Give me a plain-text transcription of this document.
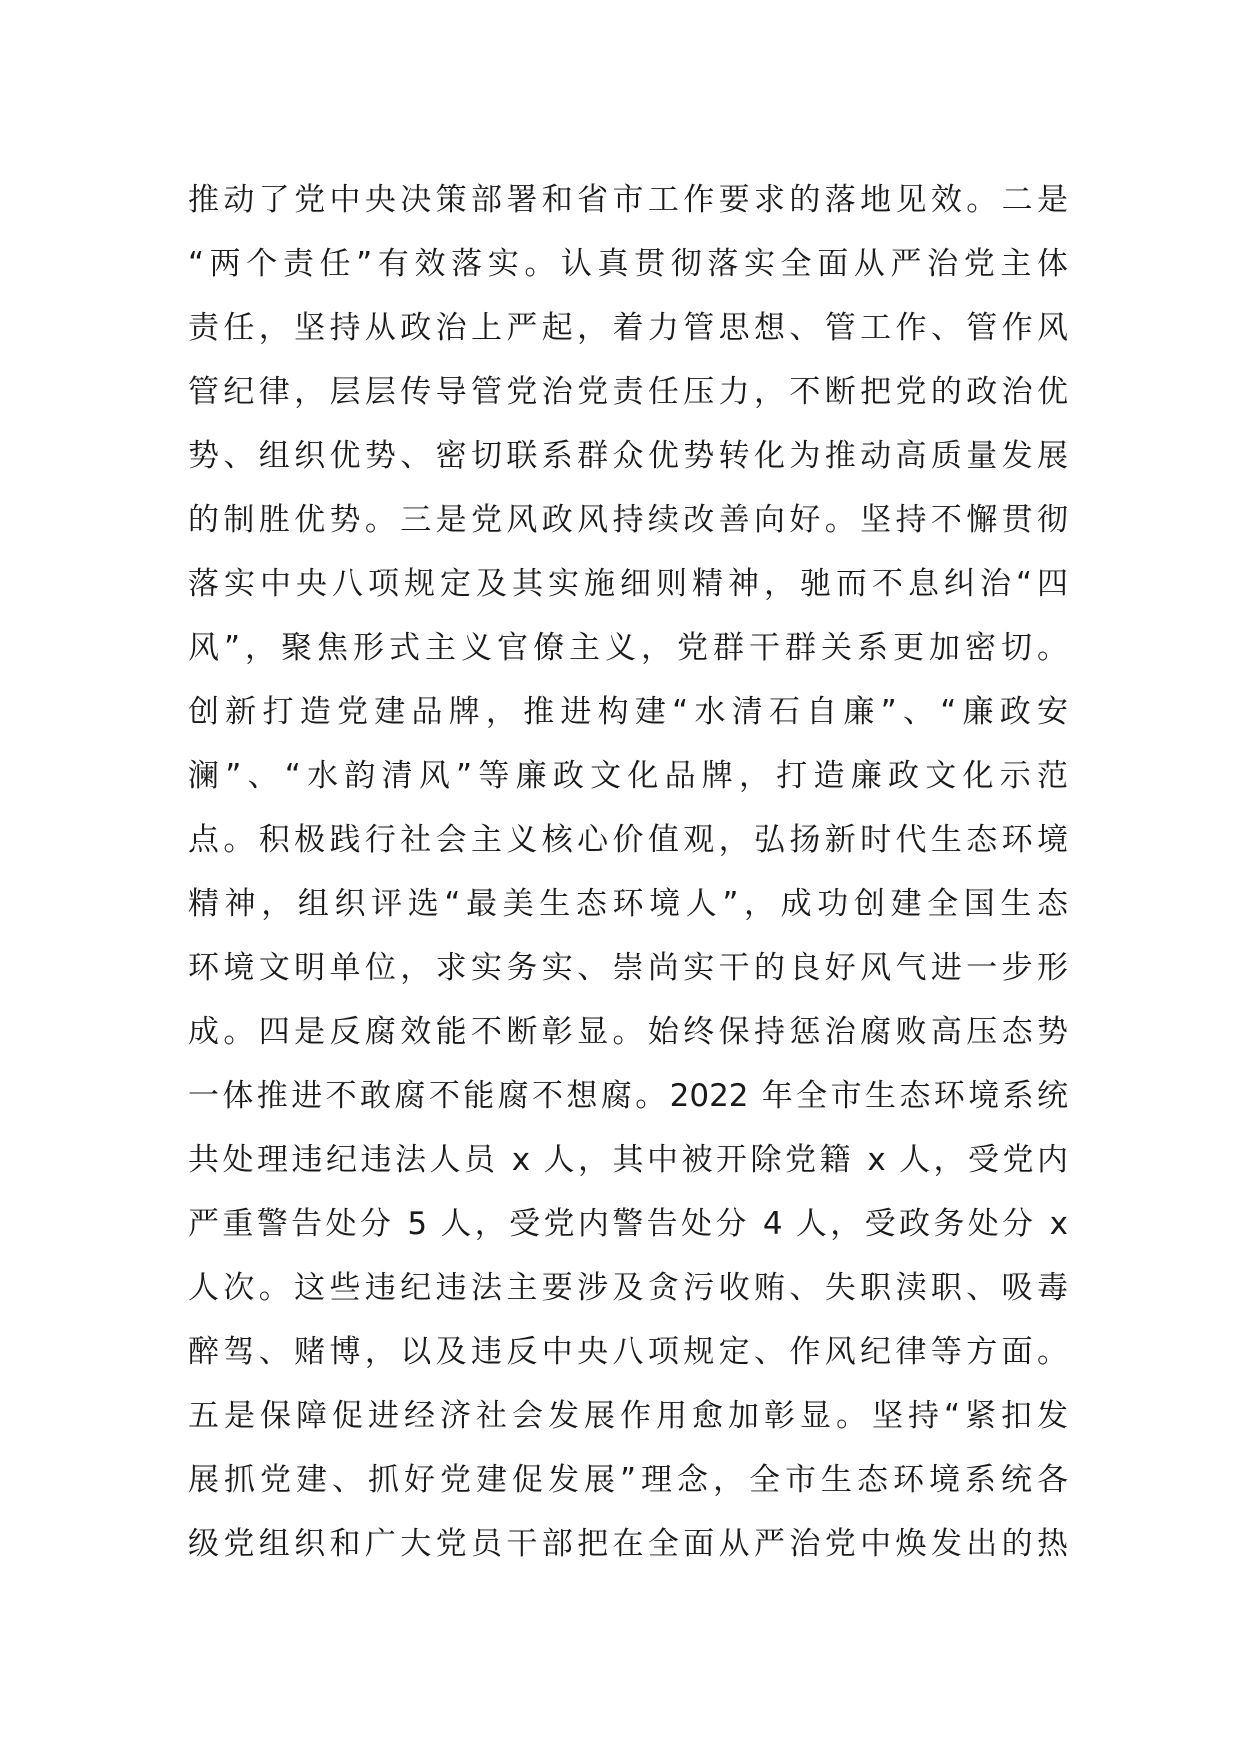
推动了党中央决策部署和省市工作要求的落地见效。二是
“两个责任”有效落实。认真贯彻落实全面从严治党主体
责任，坚持从政治上严起，着力管思想、管工作、管作风
管纪律，层层传导管党治党责任压力，不断把党的政治优
势、组织优势、密切联系群众优势转化为推动高质量发展
的制胜优势。三是党风政风持续改善向好。坚持不懈贯彻
落实中央八项规定及其实施细则精神，驰而不息纠治“四
风”，聚焦形式主义官僚主义，党群干群关系更加密切。
创新打造党建品牌，推进构建“水清石自廉”、“廉政安
澜”、“水韵清风”等廉政文化品牌，打造廉政文化示范
点。积极践行社会主义核心价值观，弘扬新时代生态环境
精神，组织评选“最美生态环境人”，成功创建全国生态
环境文明单位，求实务实、崇尚实干的良好风气进一步形
成。四是反腐效能不断彰显。始终保持惩治腐败高压态势
一体推进不敢腐不能腐不想腐。2022 年全市生态环境系统
共处理违纪违法人员 x 人，其中被开除党籍 x 人，受党内
严重警告处分 5 人，受党内警告处分 4 人，受政务处分 x
人次。这些违纪违法主要涉及贪污收贿、失职渎职、吸毒
醉驾、赌博，以及违反中央八项规定、作风纪律等方面。
五是保障促进经济社会发展作用愈加彰显。坚持“紧扣发
展抓党建、抓好党建促发展”理念，全市生态环境系统各
级党组织和广大党员干部把在全面从严治党中焕发出的热
